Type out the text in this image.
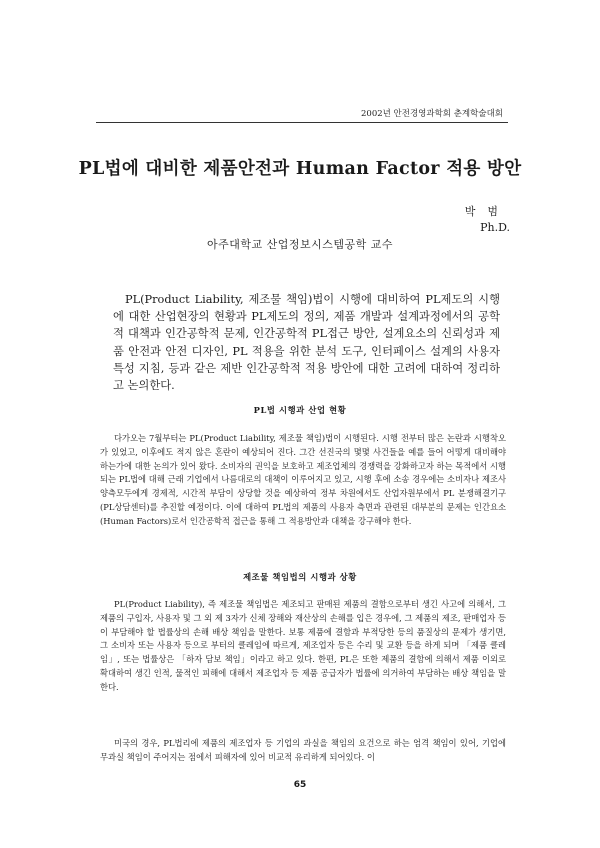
2002년 안전경영과학회 춘계학술대회
PL법에 대비한 제품안전과 Human Factor 적용 방안
박범
Ph.D.
아주대학교 산업정보시스템공학 교수

PL(Product Liability, 제조물 책임)법이 시행에 대비하여 PL제도의 시행에 대한 산업현장의 현황과 PL제도의 정의, 제품 개발과 설계과정에서의 공학적 대책과 인간공학적 문제, 인간공학적 PL접근 방안, 설계요소의 신뢰성과 제품 안전과 안전 디자인, PL 적용을 위한 분석 도구, 인터페이스 설계의 사용자 특성 지침, 등과 같은 제반 인간공학적 적용 방안에 대한 고려에 대하여 정리하고 논의한다.

PL법 시행과 산업 현황

다가오는 7월부터는 PL(Product Liability, 제조물 책임)법이 시행된다. 시행 전부터 많은 논란과 시행착오가 있었고, 이후에도 적지 않은 혼란이 예상되어 진다. 그간 선진국의 몇몇 사건들을 예를 들어 어떻게 대비해야 하는가에 대한 논의가 있어 왔다. 소비자의 권익을 보호하고 제조업체의 경쟁력을 강화하고자 하는 목적에서 시행되는 PL법에 대해 근래 기업에서 나름대로의 대책이 이루어지고 있고, 시행 후에 소송 경우에는 소비자나 제조사 양측모두에게 경제적, 시간적 부담이 상당할 것을 예상하여 정부 차원에서도 산업자원부에서 PL 분쟁해결기구(PL상담센터)를 추진할 예정이다. 이에 대하여 PL법의 제품의 사용자 측면과 관련된 대부분의 문제는 인간요소(Human Factors)로서 인간공학적 접근을 통해 그 적용방안과 대책을 강구해야 한다.

제조물 책임법의 시행과 상황

PL(Product Liability), 즉 제조물 책임법은 제조되고 판매된 제품의 결함으로부터 생긴 사고에 의해서, 그 제품의 구입자, 사용자 및 그 외 제 3자가 신체 장해와 재산상의 손해를 입은 경우에, 그 제품의 제조, 판매업자 등이 부담해야 할 법률상의 손해 배상 책임을 말한다. 보통 제품에 결함과 부적당한 등의 품질상의 문제가 생기면, 그 소비자 또는 사용자 등으로 부터의 클레임에 따르게, 제조업자 등은 수리 및 교환 등을 하게 되며 「제품 클레임」, 또는 법률상은 「하자 담보 책임」이라고 하고 있다. 한편, PL은 또한 제품의 결함에 의해서 제품 이외로 확대하여 생긴 인적, 물적인 피해에 대해서 제조업자 등 제품 공급자가 법률에 의거하여 부담하는 배상 책임을 말한다.

미국의 경우, PL법리에 제품의 제조업자 등 기업의 과실을 책임의 요건으로 하는 엄격 책임이 있어, 기업에 무과실 책임이 주어지는 점에서 피해자에 있어 비교적 유리하게 되어있다. 이

65
